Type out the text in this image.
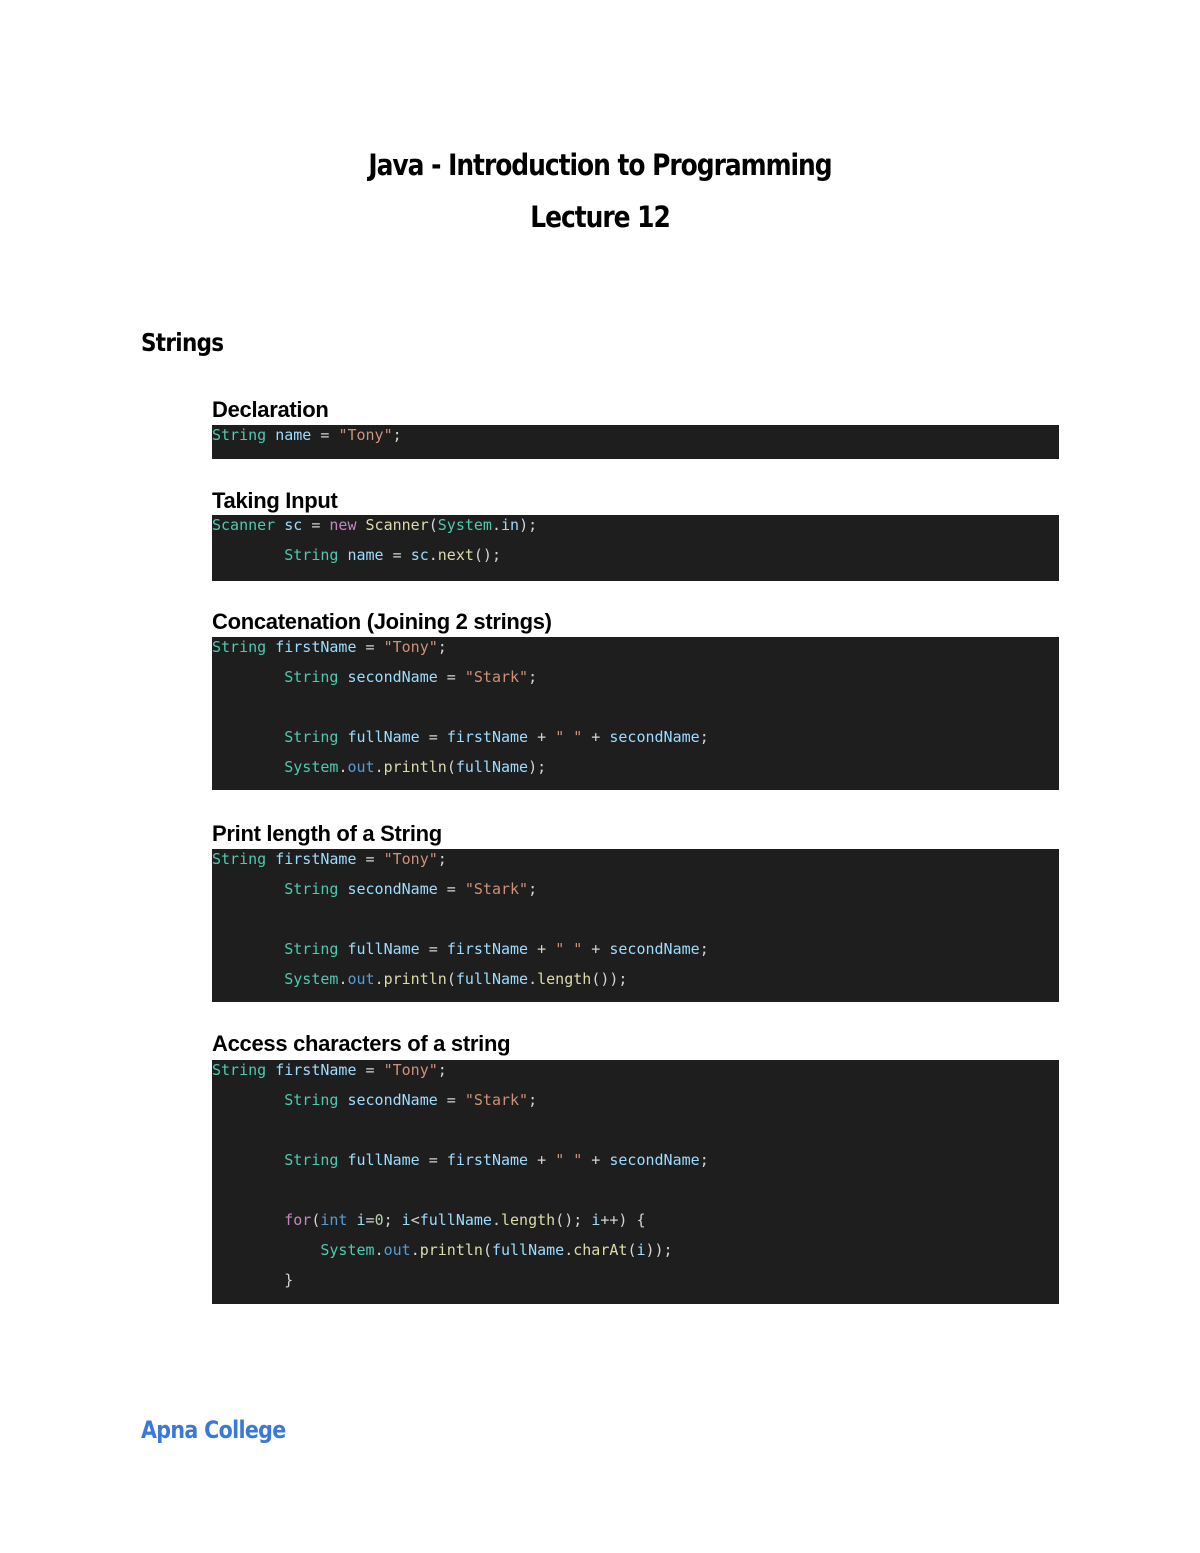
Java - Introduction to Programming
Lecture 12
Strings
Declaration
String name = "Tony";
Taking Input
Scanner sc = new Scanner(System.in);
String name = sc.next();
Concatenation (Joining 2 strings)
String firstName = "Tony";
String secondName = "Stark";
String fullName = firstName + " " + secondName;
System.out.println(fullName);
Print length of a String
String firstName = "Tony";
String secondName = "Stark";
String fullName = firstName + " " + secondName;
System.out.println(fullName.length());
Access characters of a string
String firstName = "Tony";
String secondName = "Stark";
String fullName = firstName + " " + secondName;
for(int i=0; i<fullName.length(); i++) {
System.out.println(fullName.charAt(i));
}
Apna College
